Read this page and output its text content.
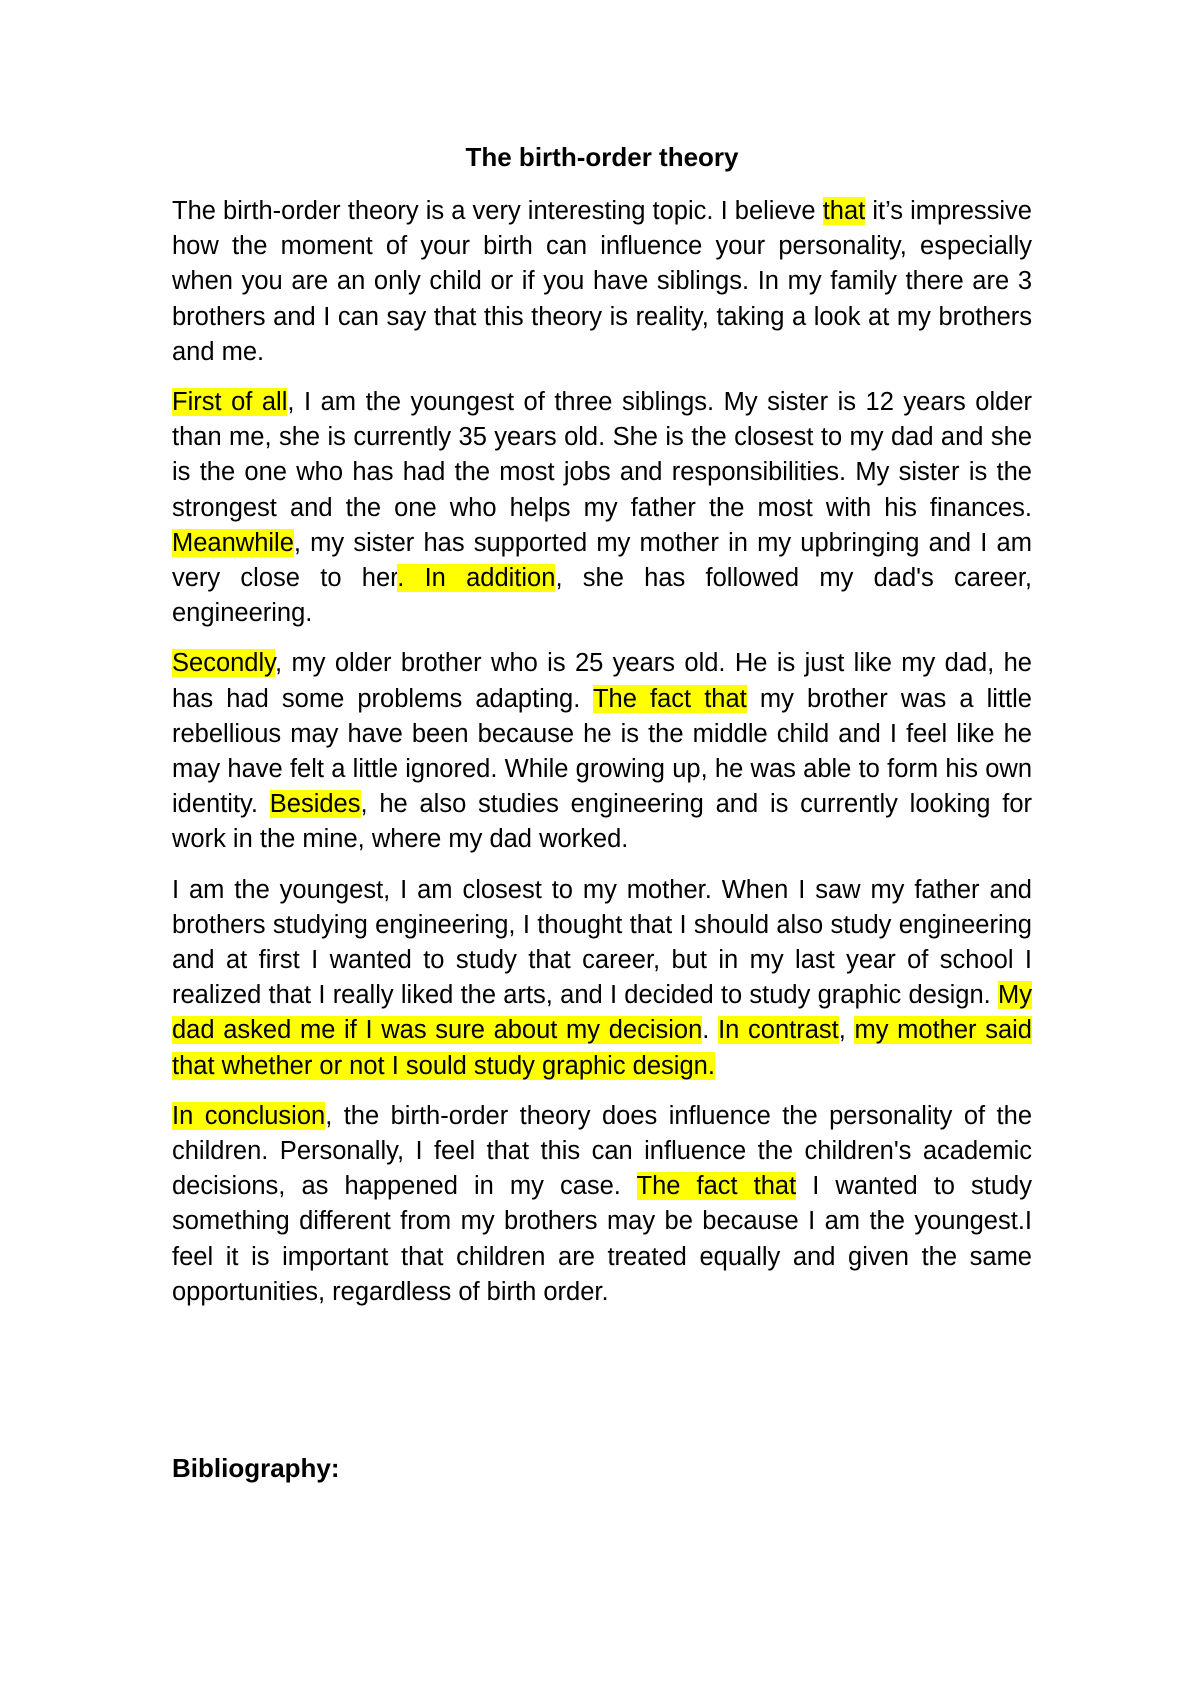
The birth-order theory

The birth-order theory is a very interesting topic. I believe that it’s impressive how the moment of your birth can influence your personality, especially when you are an only child or if you have siblings. In my family there are 3 brothers and I can say that this theory is reality, taking a look at my brothers and me.

First of all, I am the youngest of three siblings. My sister is 12 years older than me, she is currently 35 years old. She is the closest to my dad and she is the one who has had the most jobs and responsibilities. My sister is the strongest and the one who helps my father the most with his finances. Meanwhile, my sister has supported my mother in my upbringing and I am very close to her. In addition, she has followed my dad's career, engineering.

Secondly, my older brother who is 25 years old. He is just like my dad, he has had some problems adapting. The fact that my brother was a little rebellious may have been because he is the middle child and I feel like he may have felt a little ignored. While growing up, he was able to form his own identity. Besides, he also studies engineering and is currently looking for work in the mine, where my dad worked.

I am the youngest, I am closest to my mother. When I saw my father and brothers studying engineering, I thought that I should also study engineering and at first I wanted to study that career, but in my last year of school I realized that I really liked the arts, and I decided to study graphic design. My dad asked me if I was sure about my decision. In contrast, my mother said that whether or not I sould study graphic design.

In conclusion, the birth-order theory does influence the personality of the children. Personally, I feel that this can influence the children's academic decisions, as happened in my case. The fact that I wanted to study something different from my brothers may be because I am the youngest.I feel it is important that children are treated equally and given the same opportunities, regardless of birth order.

Bibliography:
